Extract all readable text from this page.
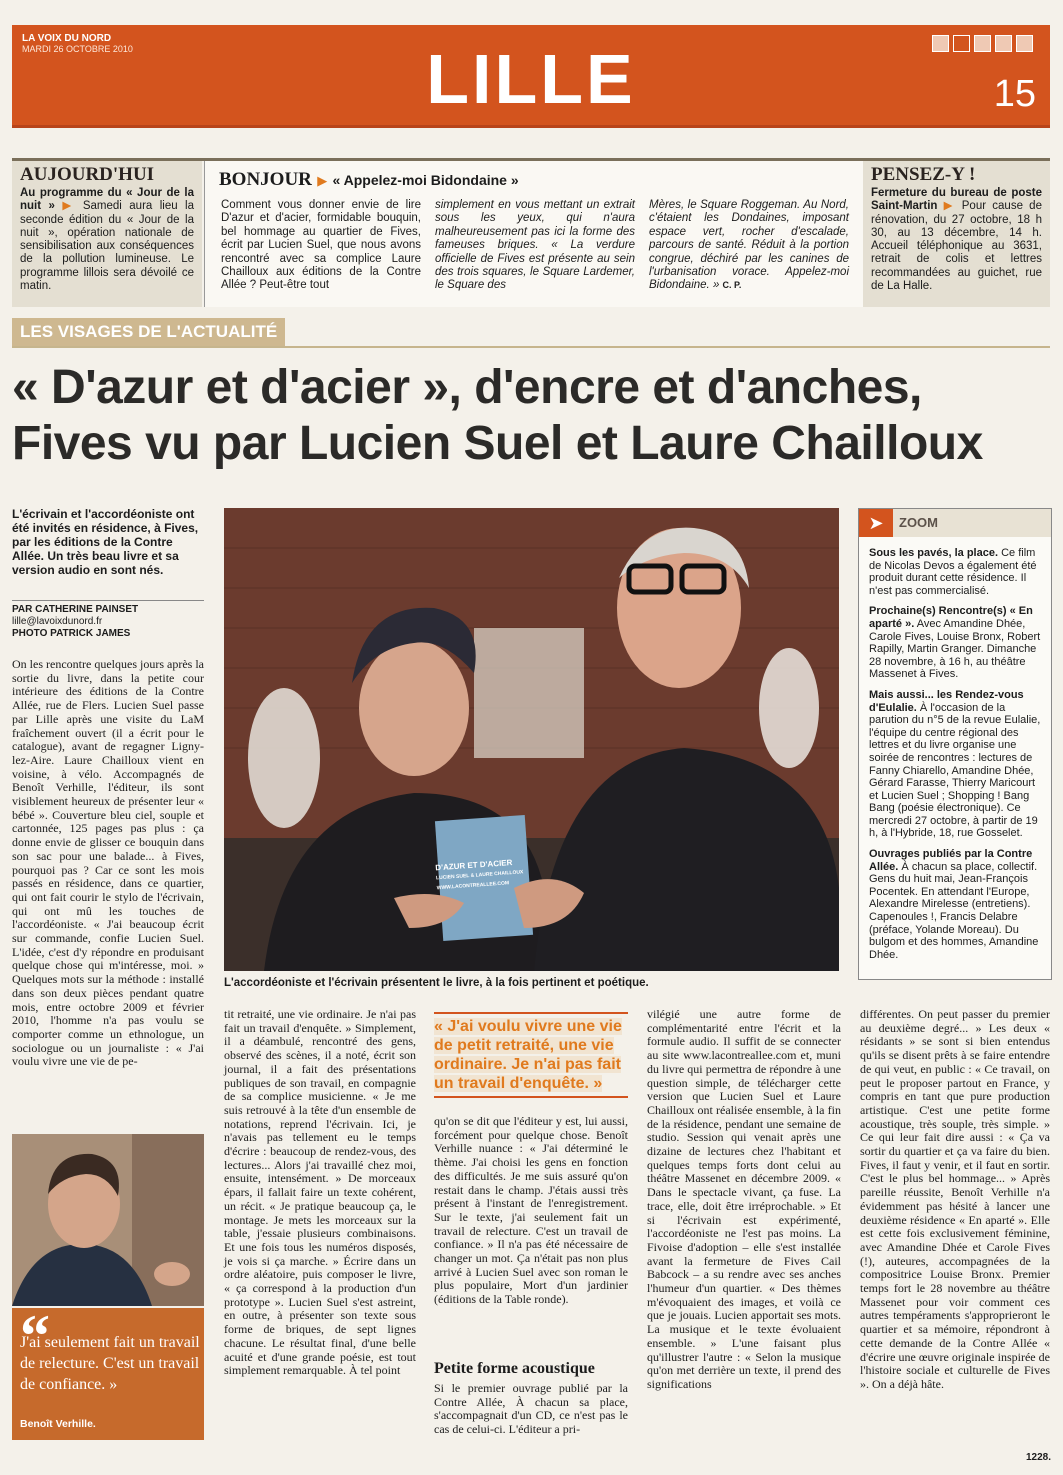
LA VOIX DU NORD
MARDI 26 OCTOBRE 2010	LILLE	15
AUJOURD'HUI

Au programme du « Jour de la nuit » ▶ Samedi aura lieu la seconde édition du « Jour de la nuit », opération nationale de sensibilisation aux conséquences de la pollution lumineuse. Le programme lillois sera dévoilé ce matin.

BONJOUR ▶ « Appelez-moi Bidondaine »
Comment vous donner envie de lire D'azur et d'acier, formidable bouquin, bel hommage au quartier de Fives, écrit par Lucien Suel, que nous avons rencontré avec sa complice Laure Chailloux aux éditions de la Contre Allée ? Peut-être tout
simplement en vous mettant un extrait sous les yeux, qui n'aura malheureusement pas ici la forme des fameuses briques. « La verdure officielle de Fives est présente au sein des trois squares, le Square Lardemer, le Square des
Mères, le Square Roggeman. Au Nord, c'étaient les Dondaines, imposant espace vert, rocher d'escalade, parcours de santé. Réduit à la portion congrue, déchiré par les canines de l'urbanisation vorace. Appelez-moi Bidondaine. » C. P.
PENSEZ-Y !

Fermeture du bureau de poste Saint-Martin ▶ Pour cause de rénovation, du 27 octobre, 18 h 30, au 13 décembre, 14 h. Accueil téléphonique au 3631, retrait de colis et lettres recommandées au guichet, rue de La Halle.

LES VISAGES DE L'ACTUALITÉ
« D'azur et d'acier », d'encre et d'anches,
Fives vu par Lucien Suel et Laure Chailloux
L'écrivain et l'accordéoniste ont été invités en résidence, à Fives, par les éditions de la Contre Allée. Un très beau livre et sa version audio en sont nés.
PAR CATHERINE PAINSET
lille@lavoixdunord.fr
PHOTO PATRICK JAMES
On les rencontre quelques jours après la sortie du livre, dans la petite cour intérieure des éditions de la Contre Allée, rue de Flers. Lucien Suel passe par Lille après une visite du LaM fraîchement ouvert (il a écrit pour le catalogue), avant de regagner Ligny-lez-Aire. Laure Chailloux vient en voisine, à vélo. Accompagnés de Benoît Verhille, l'éditeur, ils sont visiblement heureux de présenter leur « bébé ». Couverture bleu ciel, souple et cartonnée, 125 pages pas plus : ça donne envie de glisser ce bouquin dans son sac pour une balade... à Fives, pourquoi pas ? Car ce sont les mois passés en résidence, dans ce quartier, qui ont fait courir le stylo de l'écrivain, qui ont mû les touches de l'accordéoniste. « J'ai beaucoup écrit sur commande, confie Lucien Suel. L'idée, c'est d'y répondre en produisant quelque chose qui m'intéresse, moi. » Quelques mots sur la méthode : installé dans son deux pièces pendant quatre mois, entre octobre 2009 et février 2010, l'homme n'a pas voulu se comporter comme un ethnologue, un sociologue ou un journaliste : « J'ai voulu vivre une vie de pe-
D'AZUR ET D'ACIER
LUCIEN SUEL & LAURE CHAILLOUX
WWW.LACONTREALLEE.COM
L'accordéoniste et l'écrivain présentent le livre, à la fois pertinent et poétique.
➤	ZOOM

Sous les pavés, la place. Ce film de Nicolas Devos a également été produit durant cette résidence. Il n'est pas commercialisé.

Prochaine(s) Rencontre(s) « En aparté ». Avec Amandine Dhée, Carole Fives, Louise Bronx, Robert Rapilly, Martin Granger. Dimanche 28 novembre, à 16 h, au théâtre Massenet à Fives.

Mais aussi... les Rendez-vous d'Eulalie. À l'occasion de la parution du n°5 de la revue Eulalie, l'équipe du centre régional des lettres et du livre organise une soirée de rencontres : lectures de Fanny Chiarello, Amandine Dhée, Gérard Farasse, Thierry Maricourt et Lucien Suel ; Shopping ! Bang Bang (poésie électronique). Ce mercredi 27 octobre, à partir de 19 h, à l'Hybride, 18, rue Gosselet.

Ouvrages publiés par la Contre Allée. À chacun sa place, collectif. Gens du huit mai, Jean-François Pocentek. En attendant l'Europe, Alexandre Mirelesse (entretiens). Capenoules !, Francis Delabre (préface, Yolande Moreau). Du bulgom et des hommes, Amandine Dhée.

tit retraité, une vie ordinaire. Je n'ai pas fait un travail d'enquête. » Simplement, il a déambulé, rencontré des gens, observé des scènes, il a noté, écrit son journal, il a fait des présentations publiques de son travail, en compagnie de sa complice musicienne. « Je me suis retrouvé à la tête d'un ensemble de notations, reprend l'écrivain. Ici, je n'avais pas tellement eu le temps d'écrire : beaucoup de rendez-vous, des lectures... Alors j'ai travaillé chez moi, ensuite, intensément. » De morceaux épars, il fallait faire un texte cohérent, un récit. « Je pratique beaucoup ça, le montage. Je mets les morceaux sur la table, j'essaie plusieurs combinaisons. Et une fois tous les numéros disposés, je vois si ça marche. » Écrire dans un ordre aléatoire, puis composer le livre, « ça correspond à la production d'un prototype ». Lucien Suel s'est astreint, en outre, à présenter son texte sous forme de briques, de sept lignes chacune. Le résultat final, d'une belle acuité et d'une grande poésie, est tout simplement remarquable. À tel point
« J'ai voulu vivre une vie de petit retraité, une vie ordinaire. Je n'ai pas fait un travail d'enquête. »
qu'on se dit que l'éditeur y est, lui aussi, forcément pour quelque chose. Benoît Verhille nuance : « J'ai déterminé le thème. J'ai choisi les gens en fonction des difficultés. Je me suis assuré qu'on restait dans le champ. J'étais aussi très présent à l'instant de l'enregistrement. Sur le texte, j'ai seulement fait un travail de relecture. C'est un travail de confiance. » Il n'a pas été nécessaire de changer un mot. Ça n'était pas non plus arrivé à Lucien Suel avec son roman le plus populaire, Mort d'un jardinier (éditions de la Table ronde).
Petite forme acoustique
Si le premier ouvrage publié par la Contre Allée, À chacun sa place, s'accompagnait d'un CD, ce n'est pas le cas de celui-ci. L'éditeur a pri-
vilégié une autre forme de complémentarité entre l'écrit et la formule audio. Il suffit de se connecter au site www.lacontreallee.com et, muni du livre qui permettra de répondre à une question simple, de télécharger cette version que Lucien Suel et Laure Chailloux ont réalisée ensemble, à la fin de la résidence, pendant une semaine de studio. Session qui venait après une dizaine de lectures chez l'habitant et quelques temps forts dont celui au théâtre Massenet en décembre 2009. « Dans le spectacle vivant, ça fuse. La trace, elle, doit être irréprochable. » Et si l'écrivain est expérimenté, l'accordéoniste ne l'est pas moins. La Fivoise d'adoption – elle s'est installée avant la fermeture de Fives Cail Babcock – a su rendre avec ses anches l'humeur d'un quartier. « Des thèmes m'évoquaient des images, et voilà ce que je jouais. Lucien apportait ses mots. La musique et le texte évoluaient ensemble. » L'une faisant plus qu'illustrer l'autre : « Selon la musique qu'on met derrière un texte, il prend des significations
différentes. On peut passer du premier au deuxième degré... » Les deux « résidants » se sont si bien entendus qu'ils se disent prêts à se faire entendre de qui veut, en public : « Ce travail, on peut le proposer partout en France, y compris en tant que pure production artistique. C'est une petite forme acoustique, très souple, très simple. » Ce qui leur fait dire aussi : « Ça va sortir du quartier et ça va faire du bien. Fives, il faut y venir, et il faut en sortir. C'est le plus bel hommage... » Après pareille réussite, Benoît Verhille n'a évidemment pas hésité à lancer une deuxième résidence « En aparté ». Elle est cette fois exclusivement féminine, avec Amandine Dhée et Carole Fives (!), auteures, accompagnées de la compositrice Louise Bronx. Premier temps fort le 28 novembre au théâtre Massenet pour voir comment ces autres tempéraments s'approprieront le quartier et sa mémoire, répondront à cette demande de la Contre Allée « d'écrire une œuvre originale inspirée de l'histoire sociale et culturelle de Fives ». On a déjà hâte.
“
J'ai seulement fait un travail de relecture. C'est un travail de confiance. »
Benoît Verhille.
1228.
